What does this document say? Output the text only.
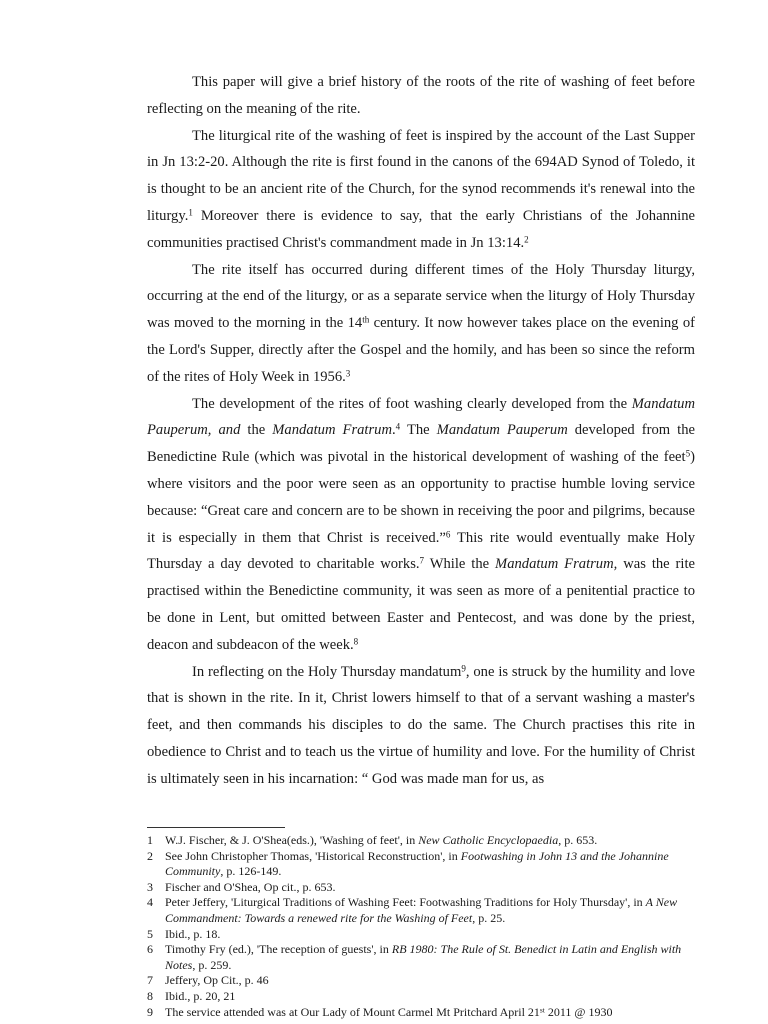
This paper will give a brief history of the roots of the rite of washing of feet before reflecting on the meaning of the rite.

The liturgical rite of the washing of feet is inspired by the account of the Last Supper in Jn 13:2-20. Although the rite is first found in the canons of the 694AD Synod of Toledo, it is thought to be an ancient rite of the Church, for the synod recommends it's renewal into the liturgy.$^1$ Moreover there is evidence to say, that the early Christians of the Johannine communities practised Christ's commandment made in Jn 13:14.$^2$

The rite itself has occurred during different times of the Holy Thursday liturgy, occurring at the end of the liturgy, or as a separate service when the liturgy of Holy Thursday was moved to the morning in the 14th century. It now however takes place on the evening of the Lord's Supper, directly after the Gospel and the homily, and has been so since the reform of the rites of Holy Week in 1956.$^3$

The development of the rites of foot washing clearly developed from the Mandatum Pauperum, and the Mandatum Fratrum.$^4$ The Mandatum Pauperum developed from the Benedictine Rule (which was pivotal in the historical development of washing of the feet$^5$) where visitors and the poor were seen as an opportunity to practise humble loving service because: “Great care and concern are to be shown in receiving the poor and pilgrims, because it is especially in them that Christ is received.”$^6$ This rite would eventually make Holy Thursday a day devoted to charitable works.$^7$ While the Mandatum Fratrum, was the rite practised within the Benedictine community, it was seen as more of a penitential practice to be done in Lent, but omitted between Easter and Pentecost, and was done by the priest, deacon and subdeacon of the week.$^8$

In reflecting on the Holy Thursday mandatum$^9$, one is struck by the humility and love that is shown in the rite. In it, Christ lowers himself to that of a servant washing a master's feet, and then commands his disciples to do the same. The Church practises this rite in obedience to Christ and to teach us the virtue of humility and love. For the humility of Christ is ultimately seen in his incarnation: “ God was made man for us, as

1	W.J. Fischer, & J. O'Shea(eds.), 'Washing of feet', in New Catholic Encyclopaedia, p. 653.
2	See John Christopher Thomas, 'Historical Reconstruction', in Footwashing in John 13 and the Johannine Community, p. 126-149.
3	Fischer and O'Shea, Op cit., p. 653.
4	Peter Jeffery, 'Liturgical Traditions of Washing Feet: Footwashing Traditions for Holy Thursday', in A New Commandment: Towards a renewed rite for the Washing of Feet, p. 25.
5	Ibid., p. 18.
6	Timothy Fry (ed.), 'The reception of guests', in RB 1980: The Rule of St. Benedict in Latin and English with Notes, p. 259.
7	Jeffery, Op Cit., p. 46
8	Ibid., p. 20, 21
9	The service attended was at Our Lady of Mount Carmel Mt Pritchard April 21st 2011 @ 1930
